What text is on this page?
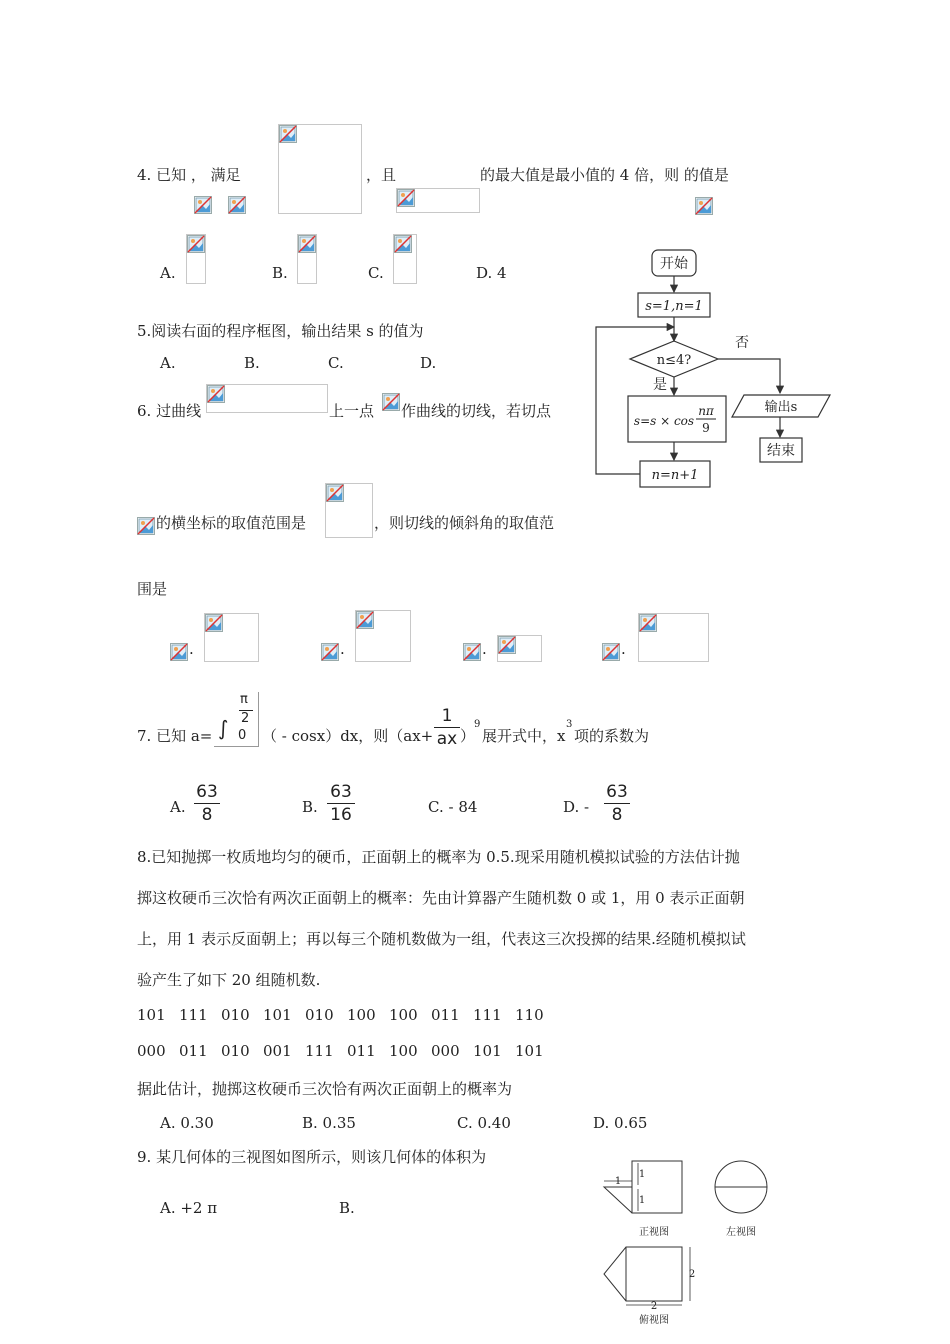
4. 已知 ， 满足	，且	的最大值是最小值的 4 倍，则 的值是
A.	B.	C.	D. 4
5.阅读右面的程序框图，输出结果 s 的值为
A.	B.	C.	D.
开始
s=1,n=1
n≤4?
是
否
s=s × cos
nπ
9
n=n+1
输出s
结束
6. 过曲线	上一点 作曲线的切线，若切点
的横坐标的取值范围是	，则切线的倾斜角的取值范
围是
.	.	.	.
7. 已知 a= ∫
π
2
0 （ - cosx）dx，则（ax+
1
ax ）
9
展开式中，x
3
项的系数为
A.
63
8	B.
63
16	C. - 84	D. -
63
8
8.已知抛掷一枚质地均匀的硬币，正面朝上的概率为 0.5.现采用随机模拟试验的方法估计抛
掷这枚硬币三次恰有两次正面朝上的概率：先由计算器产生随机数 0 或 1，用 0 表示正面朝
上，用 1 表示反面朝上；再以每三个随机数做为一组，代表这三次投掷的结果.经随机模拟试
验产生了如下 20 组随机数.
101 111 010 101 010 100 100 011 111 110
000 011 010 001 111 011 100 000 101 101
据此估计，抛掷这枚硬币三次恰有两次正面朝上的概率为
A. 0.30	B. 0.35	C. 0.40	D. 0.65
9. 某几何体的三视图如图所示，则该几何体的体积为
A. +2 π	B.
1
1
1
2
2
正视图	左视图
俯视图
